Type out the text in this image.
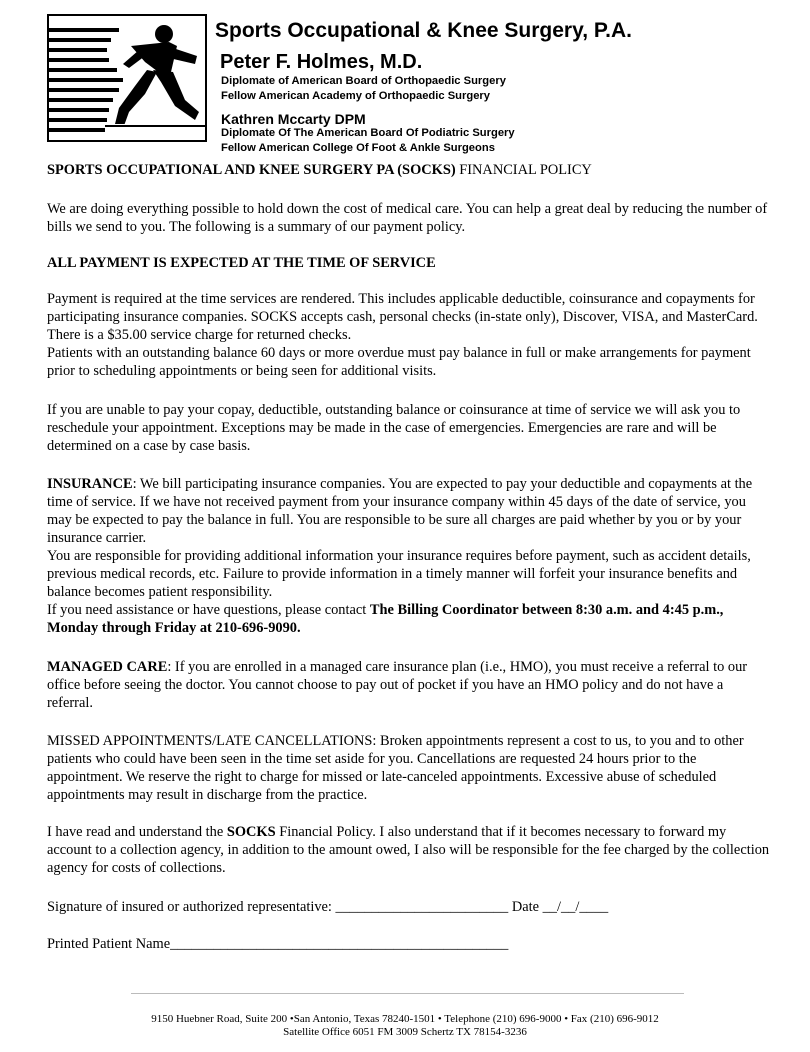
Sports Occupational & Knee Surgery, P.A.
Peter F. Holmes, M.D.
Diplomate of American Board of Orthopaedic Surgery
Fellow American Academy of Orthopaedic Surgery
Kathren Mccarty DPM
Diplomate Of The American Board Of Podiatric Surgery
Fellow American College Of Foot & Ankle Surgeons
SPORTS OCCUPATIONAL AND KNEE SURGERY PA (SOCKS) FINANCIAL POLICY
We are doing everything possible to hold down the cost of medical care. You can help a great deal by reducing the number of bills we send to you. The following is a summary of our payment policy.
ALL PAYMENT IS EXPECTED AT THE TIME OF SERVICE
Payment is required at the time services are rendered. This includes applicable deductible, coinsurance and copayments for participating insurance companies. SOCKS accepts cash, personal checks (in-state only), Discover, VISA, and MasterCard. There is a $35.00 service charge for returned checks.
Patients with an outstanding balance 60 days or more overdue must pay balance in full or make arrangements for payment prior to scheduling appointments or being seen for additional visits.
If you are unable to pay your copay, deductible, outstanding balance or coinsurance at time of service we will ask you to reschedule your appointment. Exceptions may be made in the case of emergencies. Emergencies are rare and will be determined on a case by case basis.
INSURANCE: We bill participating insurance companies. You are expected to pay your deductible and copayments at the time of service. If we have not received payment from your insurance company within 45 days of the date of service, you may be expected to pay the balance in full. You are responsible to be sure all charges are paid whether by you or by your insurance carrier.
You are responsible for providing additional information your insurance requires before payment, such as accident details, previous medical records, etc. Failure to provide information in a timely manner will forfeit your insurance benefits and balance becomes patient responsibility.
If you need assistance or have questions, please contact The Billing Coordinator between 8:30 a.m. and 4:45 p.m., Monday through Friday at 210-696-9090.
MANAGED CARE: If you are enrolled in a managed care insurance plan (i.e., HMO), you must receive a referral to our office before seeing the doctor. You cannot choose to pay out of pocket if you have an HMO policy and do not have a referral.
MISSED APPOINTMENTS/LATE CANCELLATIONS: Broken appointments represent a cost to us, to you and to other patients who could have been seen in the time set aside for you. Cancellations are requested 24 hours prior to the appointment. We reserve the right to charge for missed or late-canceled appointments. Excessive abuse of scheduled appointments may result in discharge from the practice.
I have read and understand the SOCKS Financial Policy. I also understand that if it becomes necessary to forward my account to a collection agency, in addition to the amount owed, I also will be responsible for the fee charged by the collection agency for costs of collections.
Signature of insured or authorized representative: ________________________ Date __/__/____
Printed Patient Name_______________________________________________
9150 Huebner Road, Suite 200 •San Antonio, Texas 78240-1501 • Telephone (210) 696-9000 • Fax (210) 696-9012
Satellite Office 6051 FM 3009 Schertz TX 78154-3236
